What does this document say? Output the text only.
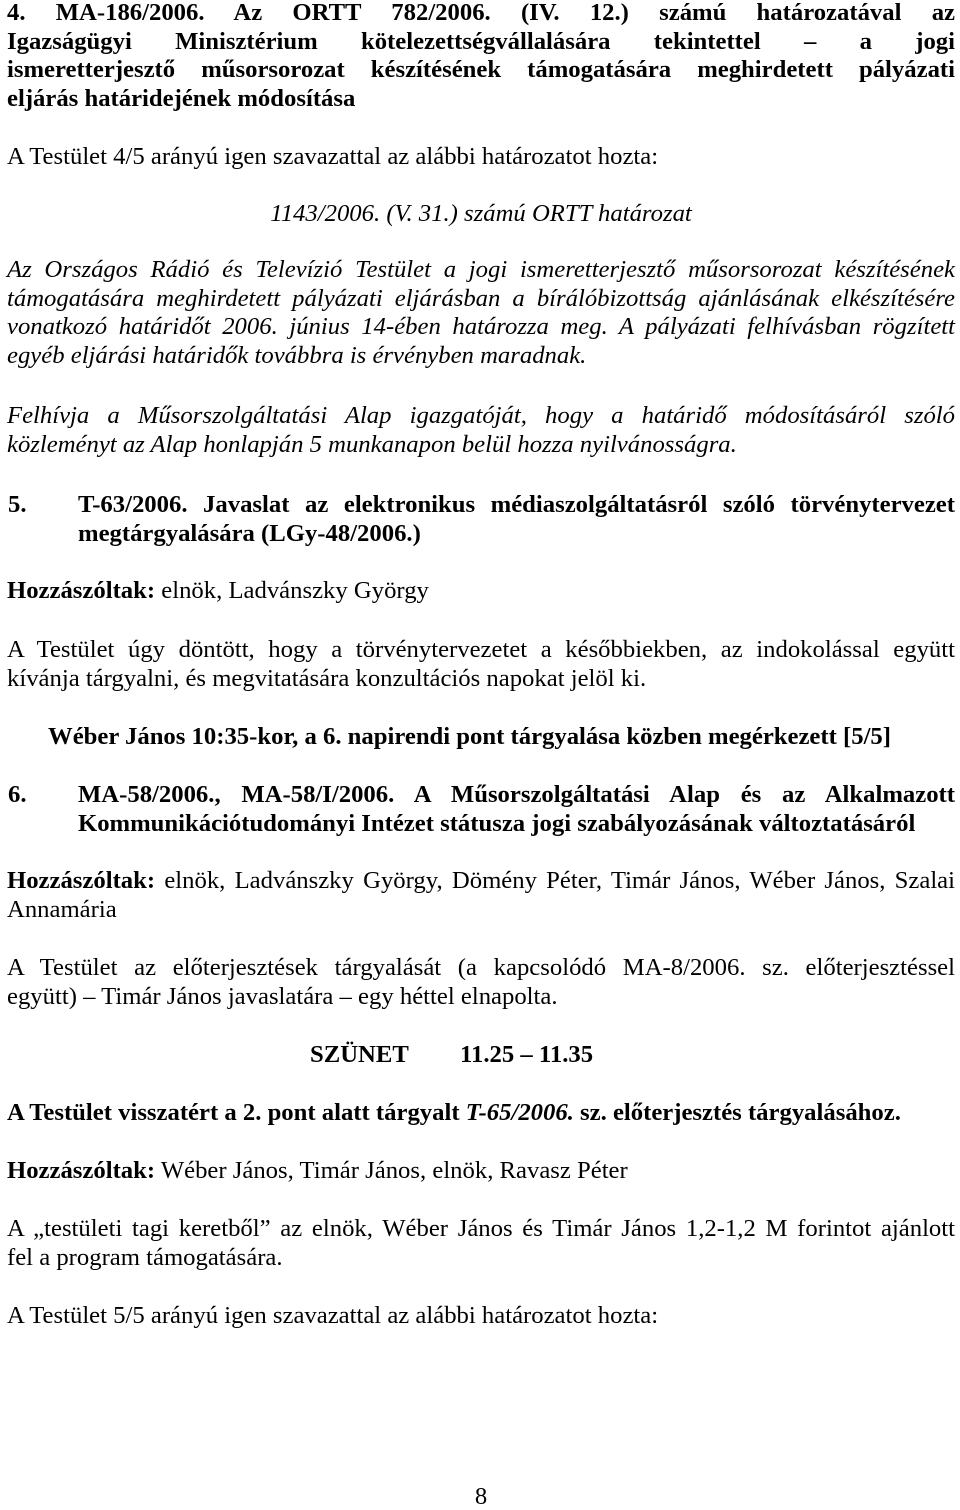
4. MA-186/2006. Az ORTT 782/2006. (IV. 12.) számú határozatával az
Igazságügyi Minisztérium kötelezettségvállalására tekintettel – a jogi
ismeretterjesztő műsorsorozat készítésének támogatására meghirdetett pályázati
eljárás határidejének módosítása
A Testület 4/5 arányú igen szavazattal az alábbi határozatot hozta:
1143/2006. (V. 31.) számú ORTT határozat
Az Országos Rádió és Televízió Testület a jogi ismeretterjesztő műsorsorozat készítésének
támogatására meghirdetett pályázati eljárásban a bírálóbizottság ajánlásának elkészítésére
vonatkozó határidőt 2006. június 14-ében határozza meg. A pályázati felhívásban rögzített
egyéb eljárási határidők továbbra is érvényben maradnak.
Felhívja a Műsorszolgáltatási Alap igazgatóját, hogy a határidő módosításáról szóló
közleményt az Alap honlapján 5 munkanapon belül hozza nyilvánosságra.
5. T-63/2006. Javaslat az elektronikus médiaszolgáltatásról szóló törvénytervezet
megtárgyalására (LGy-48/2006.)
Hozzászóltak: elnök, Ladvánszky György
A Testület úgy döntött, hogy a törvénytervezetet a későbbiekben, az indokolással együtt
kívánja tárgyalni, és megvitatására konzultációs napokat jelöl ki.
Wéber János 10:35-kor, a 6. napirendi pont tárgyalása közben megérkezett [5/5]
6. MA-58/2006., MA-58/I/2006. A Műsorszolgáltatási Alap és az Alkalmazott
Kommunikációtudományi Intézet státusza jogi szabályozásának változtatásáról
Hozzászóltak: elnök, Ladvánszky György, Dömény Péter, Timár János, Wéber János, Szalai
Annamária
A Testület az előterjesztések tárgyalását (a kapcsolódó MA-8/2006. sz. előterjesztéssel
együtt) – Timár János javaslatára – egy héttel elnapolta.
SZÜNET 11.25 – 11.35
A Testület visszatért a 2. pont alatt tárgyalt T-65/2006. sz. előterjesztés tárgyalásához.
Hozzászóltak: Wéber János, Timár János, elnök, Ravasz Péter
A „testületi tagi keretből” az elnök, Wéber János és Timár János 1,2-1,2 M forintot ajánlott
fel a program támogatására.
A Testület 5/5 arányú igen szavazattal az alábbi határozatot hozta:
8
